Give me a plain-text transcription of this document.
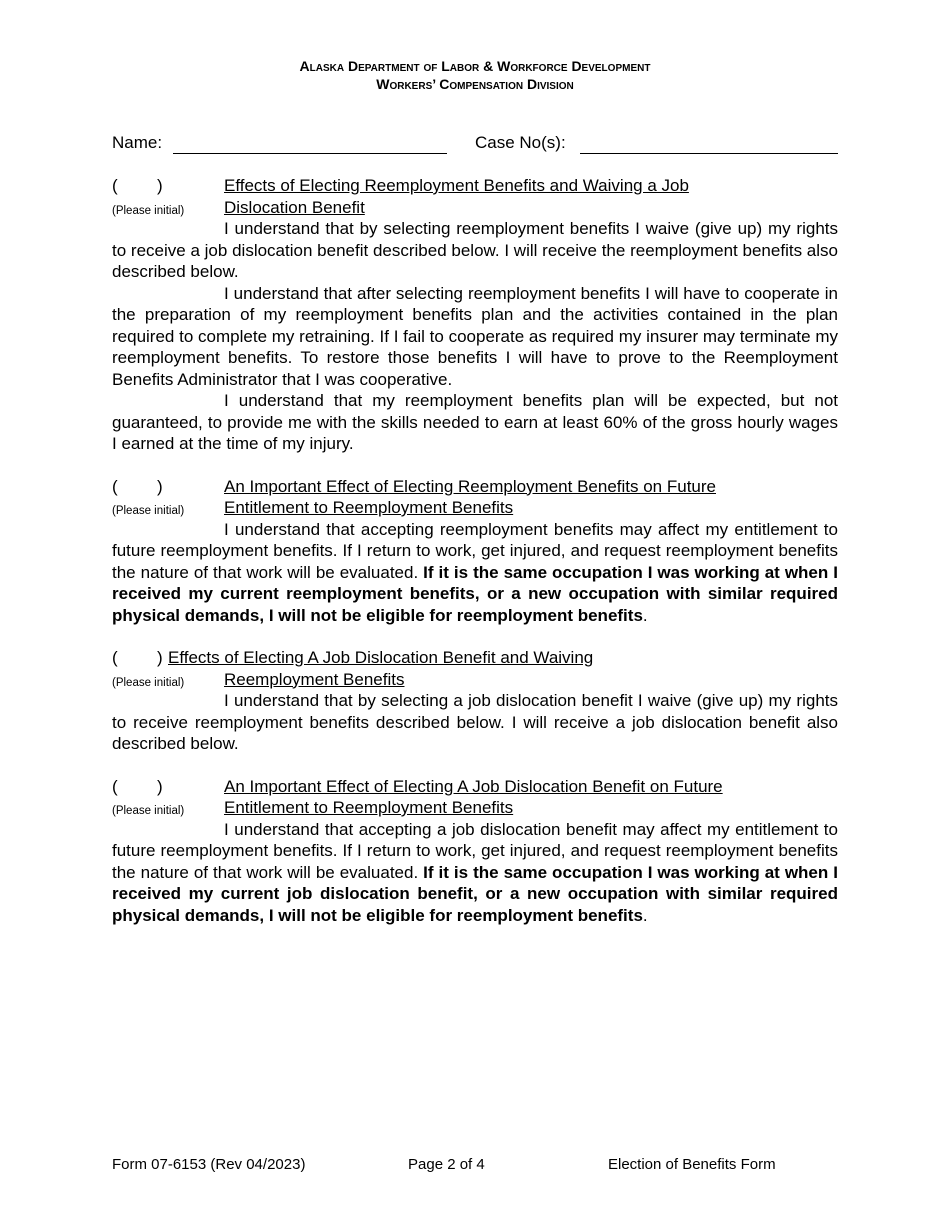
Alaska Department of Labor & Workforce Development
Workers’ Compensation Division
Name:	Case No(s):
( )	Effects of Electing Reemployment Benefits and Waiving a Job
(Please initial) Dislocation Benefit

I understand that by selecting reemployment benefits I waive (give up) my rights to receive a job dislocation benefit described below. I will receive the reemployment benefits also described below.

I understand that after selecting reemployment benefits I will have to cooperate in the preparation of my reemployment benefits plan and the activities contained in the plan required to complete my retraining. If I fail to cooperate as required my insurer may terminate my reemployment benefits. To restore those benefits I will have to prove to the Reemployment Benefits Administrator that I was cooperative.

I understand that my reemployment benefits plan will be expected, but not guaranteed, to provide me with the skills needed to earn at least 60% of the gross hourly wages I earned at the time of my injury.

( )	An Important Effect of Electing Reemployment Benefits on Future
(Please initial) Entitlement to Reemployment Benefits

I understand that accepting reemployment benefits may affect my entitlement to future reemployment benefits. If I return to work, get injured, and request reemployment benefits the nature of that work will be evaluated. If it is the same occupation I was working at when I received my current reemployment benefits, or a new occupation with similar required physical demands, I will not be eligible for reemployment benefits.

( ) Effects of Electing A Job Dislocation Benefit and Waiving
(Please initial) Reemployment Benefits

I understand that by selecting a job dislocation benefit I waive (give up) my rights to receive reemployment benefits described below. I will receive a job dislocation benefit also described below.

( )	An Important Effect of Electing A Job Dislocation Benefit on Future
(Please initial) Entitlement to Reemployment Benefits

I understand that accepting a job dislocation benefit may affect my entitlement to future reemployment benefits. If I return to work, get injured, and request reemployment benefits the nature of that work will be evaluated. If it is the same occupation I was working at when I received my current job dislocation benefit, or a new occupation with similar required physical demands, I will not be eligible for reemployment benefits.

Form 07-6153 (Rev 04/2023)	Page 2 of 4	Election of Benefits Form
